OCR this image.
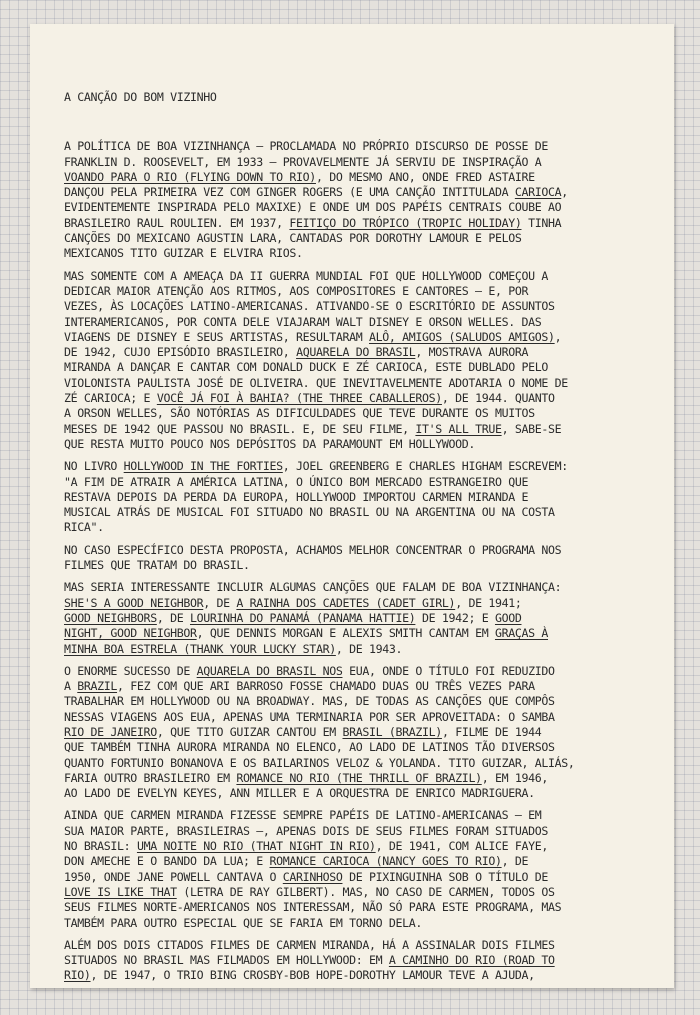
A CANÇÃO DO BOM VIZINHO
A POLÍTICA DE BOA VIZINHANÇA — PROCLAMADA NO PRÓPRIO DISCURSO DE POSSE DE
FRANKLIN D. ROOSEVELT, EM 1933 — PROVAVELMENTE JÁ SERVIU DE INSPIRAÇÃO A
VOANDO PARA O RIO (FLYING DOWN TO RIO), DO MESMO ANO, ONDE FRED ASTAIRE
DANÇOU PELA PRIMEIRA VEZ COM GINGER ROGERS (E UMA CANÇÃO INTITULADA CARIOCA,
EVIDENTEMENTE INSPIRADA PELO MAXIXE) E ONDE UM DOS PAPÉIS CENTRAIS COUBE AO
BRASILEIRO RAUL ROULIEN. EM 1937, FEITIÇO DO TRÓPICO (TROPIC HOLIDAY) TINHA
CANÇÕES DO MEXICANO AGUSTIN LARA, CANTADAS POR DOROTHY LAMOUR E PELOS
MEXICANOS TITO GUIZAR E ELVIRA RIOS.
MAS SOMENTE COM A AMEAÇA DA II GUERRA MUNDIAL FOI QUE HOLLYWOOD COMEÇOU A
DEDICAR MAIOR ATENÇÃO AOS RITMOS, AOS COMPOSITORES E CANTORES — E, POR
VEZES, ÀS LOCAÇÕES LATINO-AMERICANAS. ATIVANDO-SE O ESCRITÓRIO DE ASSUNTOS
INTERAMERICANOS, POR CONTA DELE VIAJARAM WALT DISNEY E ORSON WELLES. DAS
VIAGENS DE DISNEY E SEUS ARTISTAS, RESULTARAM ALÔ, AMIGOS (SALUDOS AMIGOS),
DE 1942, CUJO EPISÓDIO BRASILEIRO, AQUARELA DO BRASIL, MOSTRAVA AURORA
MIRANDA A DANÇAR E CANTAR COM DONALD DUCK E ZÉ CARIOCA, ESTE DUBLADO PELO
VIOLONISTA PAULISTA JOSÉ DE OLIVEIRA. QUE INEVITAVELMENTE ADOTARIA O NOME DE
ZÉ CARIOCA; E VOCÊ JÁ FOI À BAHIA? (THE THREE CABALLEROS), DE 1944. QUANTO
A ORSON WELLES, SÃO NOTÓRIAS AS DIFICULDADES QUE TEVE DURANTE OS MUITOS
MESES DE 1942 QUE PASSOU NO BRASIL. E, DE SEU FILME, IT'S ALL TRUE, SABE-SE
QUE RESTA MUITO POUCO NOS DEPÓSITOS DA PARAMOUNT EM HOLLYWOOD.
NO LIVRO HOLLYWOOD IN THE FORTIES, JOEL GREENBERG E CHARLES HIGHAM ESCREVEM:
"A FIM DE ATRAIR A AMÉRICA LATINA, O ÚNICO BOM MERCADO ESTRANGEIRO QUE
RESTAVA DEPOIS DA PERDA DA EUROPA, HOLLYWOOD IMPORTOU CARMEN MIRANDA E
MUSICAL ATRÁS DE MUSICAL FOI SITUADO NO BRASIL OU NA ARGENTINA OU NA COSTA
RICA".
NO CASO ESPECÍFICO DESTA PROPOSTA, ACHAMOS MELHOR CONCENTRAR O PROGRAMA NOS
FILMES QUE TRATAM DO BRASIL.
MAS SERIA INTERESSANTE INCLUIR ALGUMAS CANÇÕES QUE FALAM DE BOA VIZINHANÇA:
SHE'S A GOOD NEIGHBOR, DE A RAINHA DOS CADETES (CADET GIRL), DE 1941;
GOOD NEIGHBORS, DE LOURINHA DO PANAMÁ (PANAMA HATTIE) DE 1942; E GOOD
NIGHT, GOOD NEIGHBOR, QUE DENNIS MORGAN E ALEXIS SMITH CANTAM EM GRAÇAS À
MINHA BOA ESTRELA (THANK YOUR LUCKY STAR), DE 1943.
O ENORME SUCESSO DE AQUARELA DO BRASIL NOS EUA, ONDE O TÍTULO FOI REDUZIDO
A BRAZIL, FEZ COM QUE ARI BARROSO FOSSE CHAMADO DUAS OU TRÊS VEZES PARA
TRABALHAR EM HOLLYWOOD OU NA BROADWAY. MAS, DE TODAS AS CANÇÕES QUE COMPÔS
NESSAS VIAGENS AOS EUA, APENAS UMA TERMINARIA POR SER APROVEITADA: O SAMBA
RIO DE JANEIRO, QUE TITO GUIZAR CANTOU EM BRASIL (BRAZIL), FILME DE 1944
QUE TAMBÉM TINHA AURORA MIRANDA NO ELENCO, AO LADO DE LATINOS TÃO DIVERSOS
QUANTO FORTUNIO BONANOVA E OS BAILARINOS VELOZ & YOLANDA. TITO GUIZAR, ALIÁS,
FARIA OUTRO BRASILEIRO EM ROMANCE NO RIO (THE THRILL OF BRAZIL), EM 1946,
AO LADO DE EVELYN KEYES, ANN MILLER E A ORQUESTRA DE ENRICO MADRIGUERA.
AINDA QUE CARMEN MIRANDA FIZESSE SEMPRE PAPÉIS DE LATINO-AMERICANAS — EM
SUA MAIOR PARTE, BRASILEIRAS —, APENAS DOIS DE SEUS FILMES FORAM SITUADOS
NO BRASIL: UMA NOITE NO RIO (THAT NIGHT IN RIO), DE 1941, COM ALICE FAYE,
DON AMECHE E O BANDO DA LUA; E ROMANCE CARIOCA (NANCY GOES TO RIO), DE
1950, ONDE JANE POWELL CANTAVA O CARINHOSO DE PIXINGUINHA SOB O TÍTULO DE
LOVE IS LIKE THAT (LETRA DE RAY GILBERT). MAS, NO CASO DE CARMEN, TODOS OS
SEUS FILMES NORTE-AMERICANOS NOS INTERESSAM, NÃO SÓ PARA ESTE PROGRAMA, MAS
TAMBÉM PARA OUTRO ESPECIAL QUE SE FARIA EM TORNO DELA.
ALÉM DOS DOIS CITADOS FILMES DE CARMEN MIRANDA, HÁ A ASSINALAR DOIS FILMES
SITUADOS NO BRASIL MAS FILMADOS EM HOLLYWOOD: EM A CAMINHO DO RIO (ROAD TO
RIO), DE 1947, O TRIO BING CROSBY-BOB HOPE-DOROTHY LAMOUR TEVE A AJUDA,
